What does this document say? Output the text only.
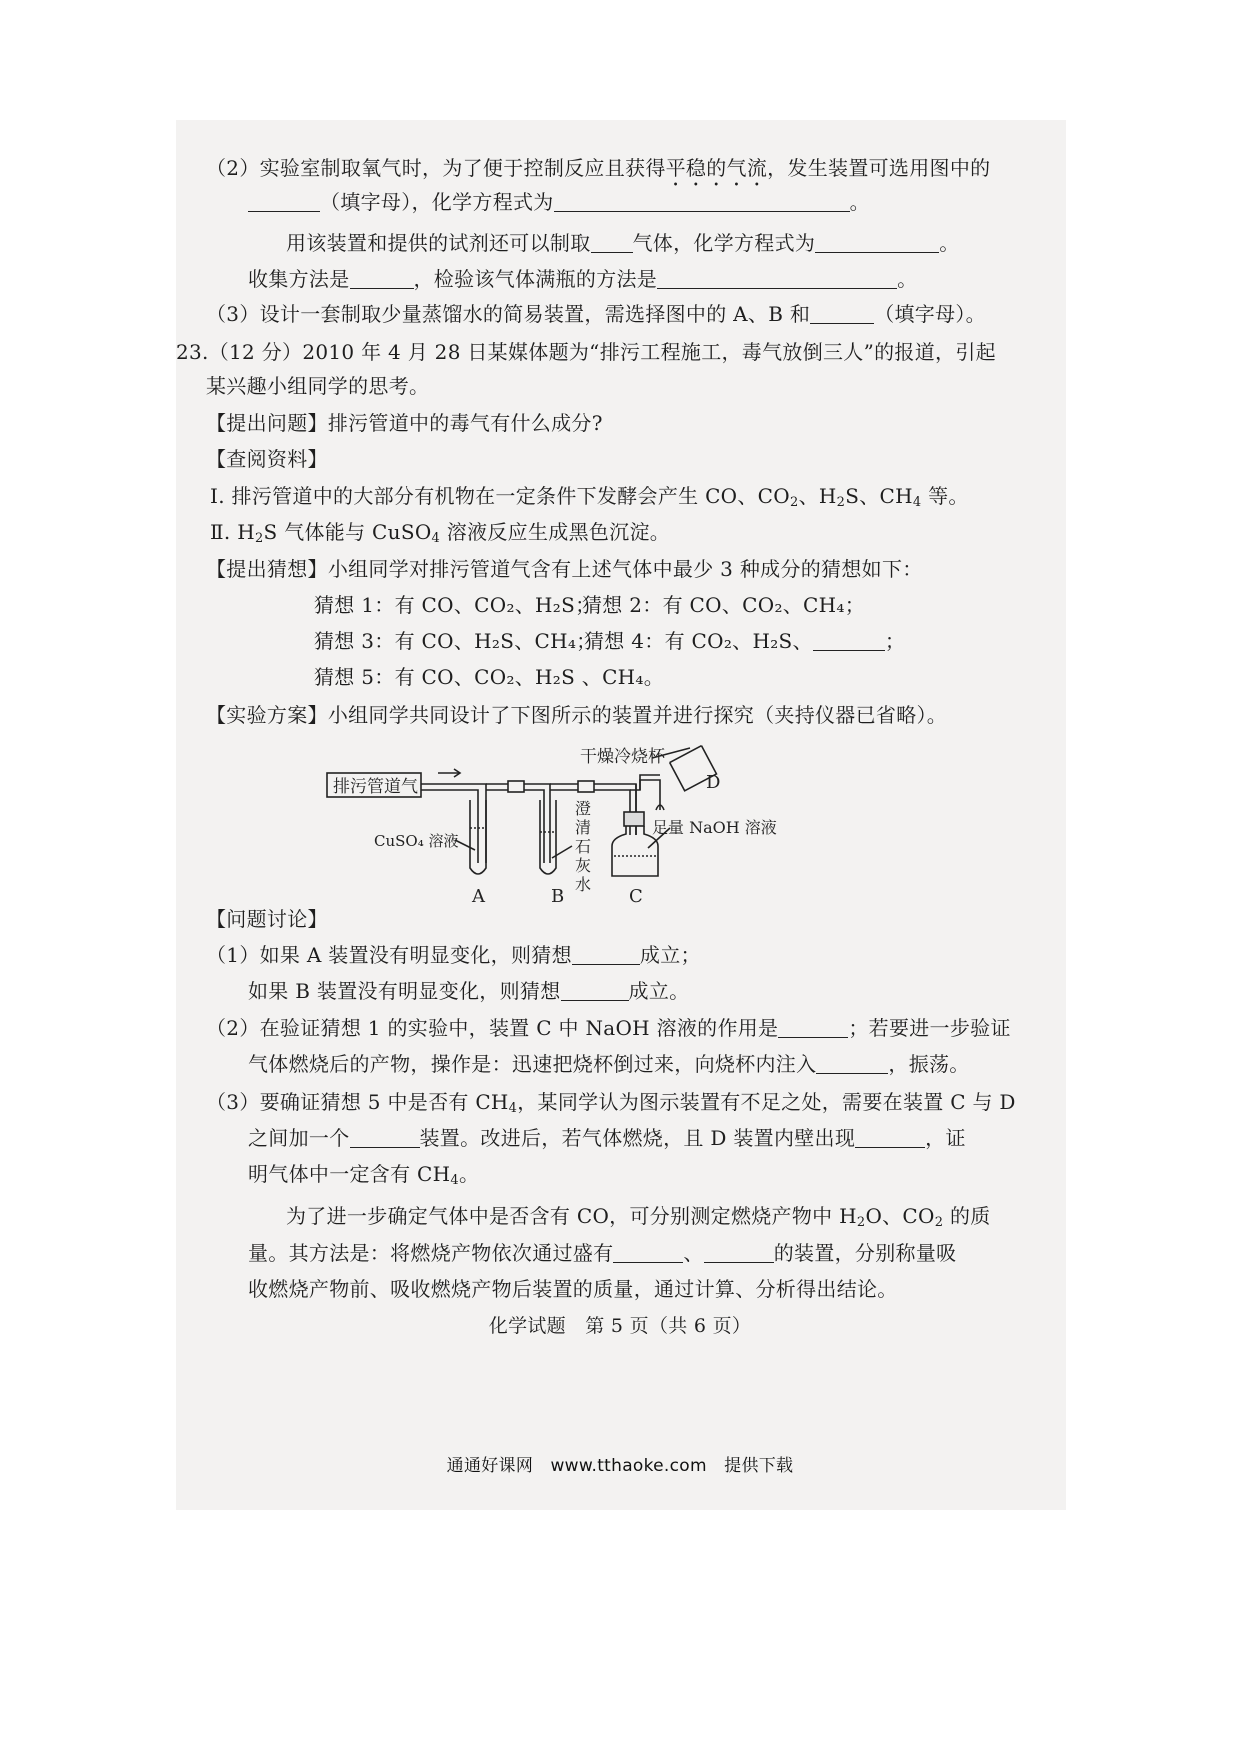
（2）实验室制取氧气时，为了便于控制反应且获得平稳的气流，发生装置可选用图中的
（填字母），化学方程式为	。
用该装置和提供的试剂还可以制取 气体，化学方程式为	。
收集方法是	，检验该气体满瓶的方法是	。
（3）设计一套制取少量蒸馏水的简易装置，需选择图中的 A、B 和	（填字母）。
23.（12 分）2010 年 4 月 28 日某媒体题为“排污工程施工，毒气放倒三人”的报道，引起
某兴趣小组同学的思考。
【提出问题】排污管道中的毒气有什么成分?
【查阅资料】
Ⅰ. 排污管道中的大部分有机物在一定条件下发酵会产生 CO、$CO_2$、$H_2S$、$CH_4$ 等。
Ⅱ. $H_2S$ 气体能与 CuSO$_4$ 溶液反应生成黑色沉淀。
【提出猜想】小组同学对排污管道气含有上述气体中最少 3 种成分的猜想如下：
猜想 1：有 CO、CO₂、H₂S；
猜想 2：有 CO、CO₂、CH₄；
猜想 3：有 CO、H₂S、CH₄；
猜想 4：有 CO₂、H₂S、	；
猜想 5：有 CO、CO₂、H₂S 、CH₄。
【实验方案】小组同学共同设计了下图所示的装置并进行探究（夹持仪器已省略）。
排污管道气
干燥冷烧杯
D
CuSO₄ 溶液
澄
清
石
灰
水
足量 NaOH 溶液
A	B	C
【问题讨论】
（1）如果 A 装置没有明显变化，则猜想	成立；
如果 B 装置没有明显变化，则猜想	成立。
（2）在验证猜想 1 的实验中，装置 C 中 NaOH 溶液的作用是	；若要进一步验证
气体燃烧后的产物，操作是：迅速把烧杯倒过来，向烧杯内注入	，振荡。
（3）要确证猜想 5 中是否有 $CH_4$，某同学认为图示装置有不足之处，需要在装置 C 与 D
之间加一个	装置。改进后，若气体燃烧，且 D 装置内壁出现	，证
明气体中一定含有 $CH_4$。
为了进一步确定气体中是否含有 CO，可分别测定燃烧产物中 $H_2O$、$CO_2$ 的质
量。其方法是：将燃烧产物依次通过盛有	、	的装置，分别称量吸
收燃烧产物前、吸收燃烧产物后装置的质量，通过计算、分析得出结论。
化学试题　第 5 页（共 6 页）
通通好课网　www.tthaoke.com　提供下载
